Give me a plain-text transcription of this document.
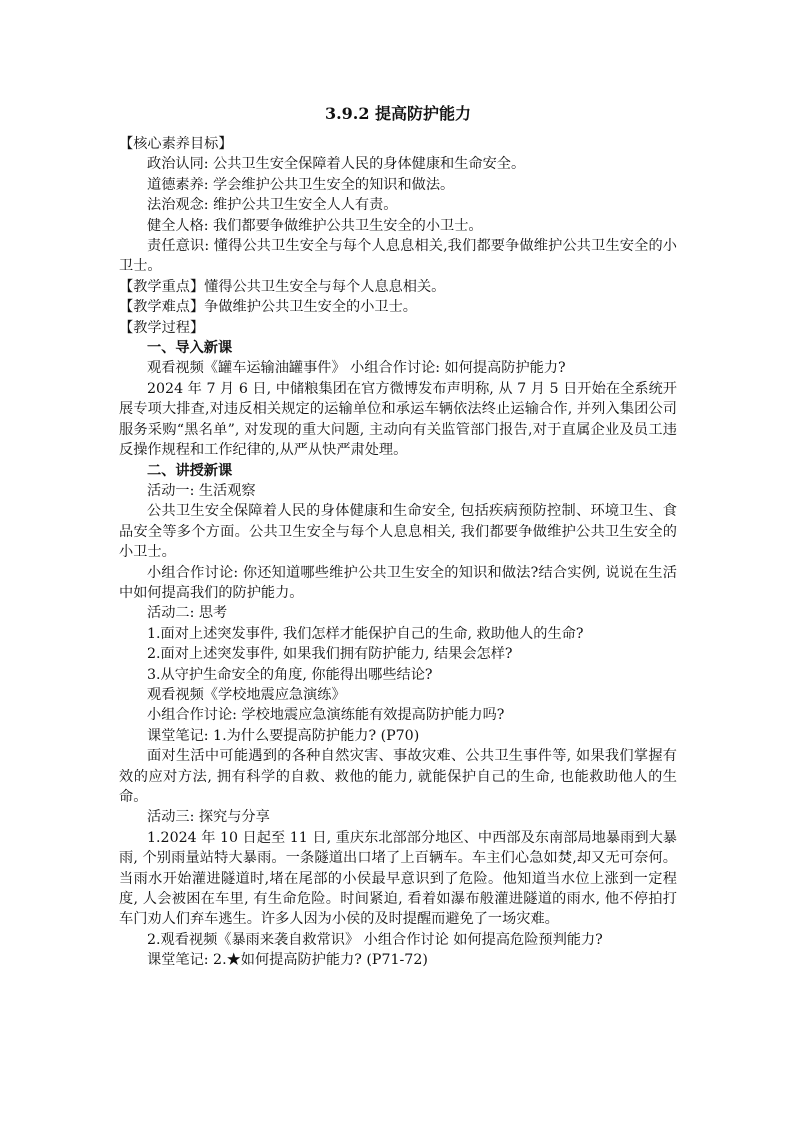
3.9.2 提高防护能力

【核心素养目标】

政治认同: 公共卫生安全保障着人民的身体健康和生命安全。

道德素养: 学会维护公共卫生安全的知识和做法。

法治观念: 维护公共卫生安全人人有责。

健全人格: 我们都要争做维护公共卫生安全的小卫士。

责任意识: 懂得公共卫生安全与每个人息息相关,我们都要争做维护公共卫生安全的小卫士。

【教学重点】懂得公共卫生安全与每个人息息相关。

【教学难点】争做维护公共卫生安全的小卫士。

【教学过程】

一、导入新课

观看视频《罐车运输油罐事件》 小组合作讨论: 如何提高防护能力?

2024 年 7 月 6 日, 中储粮集团在官方微博发布声明称, 从 7 月 5 日开始在全系统开展专项大排查,对违反相关规定的运输单位和承运车辆依法终止运输合作, 并列入集团公司服务采购“黑名单”, 对发现的重大问题, 主动向有关监管部门报告,对于直属企业及员工违反操作规程和工作纪律的,从严从快严肃处理。

二、讲授新课

活动一: 生活观察

公共卫生安全保障着人民的身体健康和生命安全, 包括疾病预防控制、环境卫生、食品安全等多个方面。公共卫生安全与每个人息息相关, 我们都要争做维护公共卫生安全的小卫士。

小组合作讨论: 你还知道哪些维护公共卫生安全的知识和做法?结合实例, 说说在生活中如何提高我们的防护能力。

活动二: 思考

1.面对上述突发事件, 我们怎样才能保护自己的生命, 救助他人的生命?

2.面对上述突发事件, 如果我们拥有防护能力, 结果会怎样?

3.从守护生命安全的角度, 你能得出哪些结论?

观看视频《学校地震应急演练》

小组合作讨论: 学校地震应急演练能有效提高防护能力吗?

课堂笔记: 1.为什么要提高防护能力? (P70)

面对生活中可能遇到的各种自然灾害、事故灾难、公共卫生事件等, 如果我们掌握有效的应对方法, 拥有科学的自救、救他的能力, 就能保护自己的生命, 也能救助他人的生命。

活动三: 探究与分享

1.2024 年 10 日起至 11 日, 重庆东北部部分地区、中西部及东南部局地暴雨到大暴雨, 个别雨量站特大暴雨。一条隧道出口堵了上百辆车。车主们心急如焚,却又无可奈何。当雨水开始灌进隧道时,堵在尾部的小侯最早意识到了危险。他知道当水位上涨到一定程度, 人会被困在车里, 有生命危险。时间紧迫, 看着如瀑布般灌进隧道的雨水, 他不停拍打车门劝人们弃车逃生。许多人因为小侯的及时提醒而避免了一场灾难。

2.观看视频《暴雨来袭自救常识》 小组合作讨论 如何提高危险预判能力?

课堂笔记: 2.★如何提高防护能力? (P71-72)
